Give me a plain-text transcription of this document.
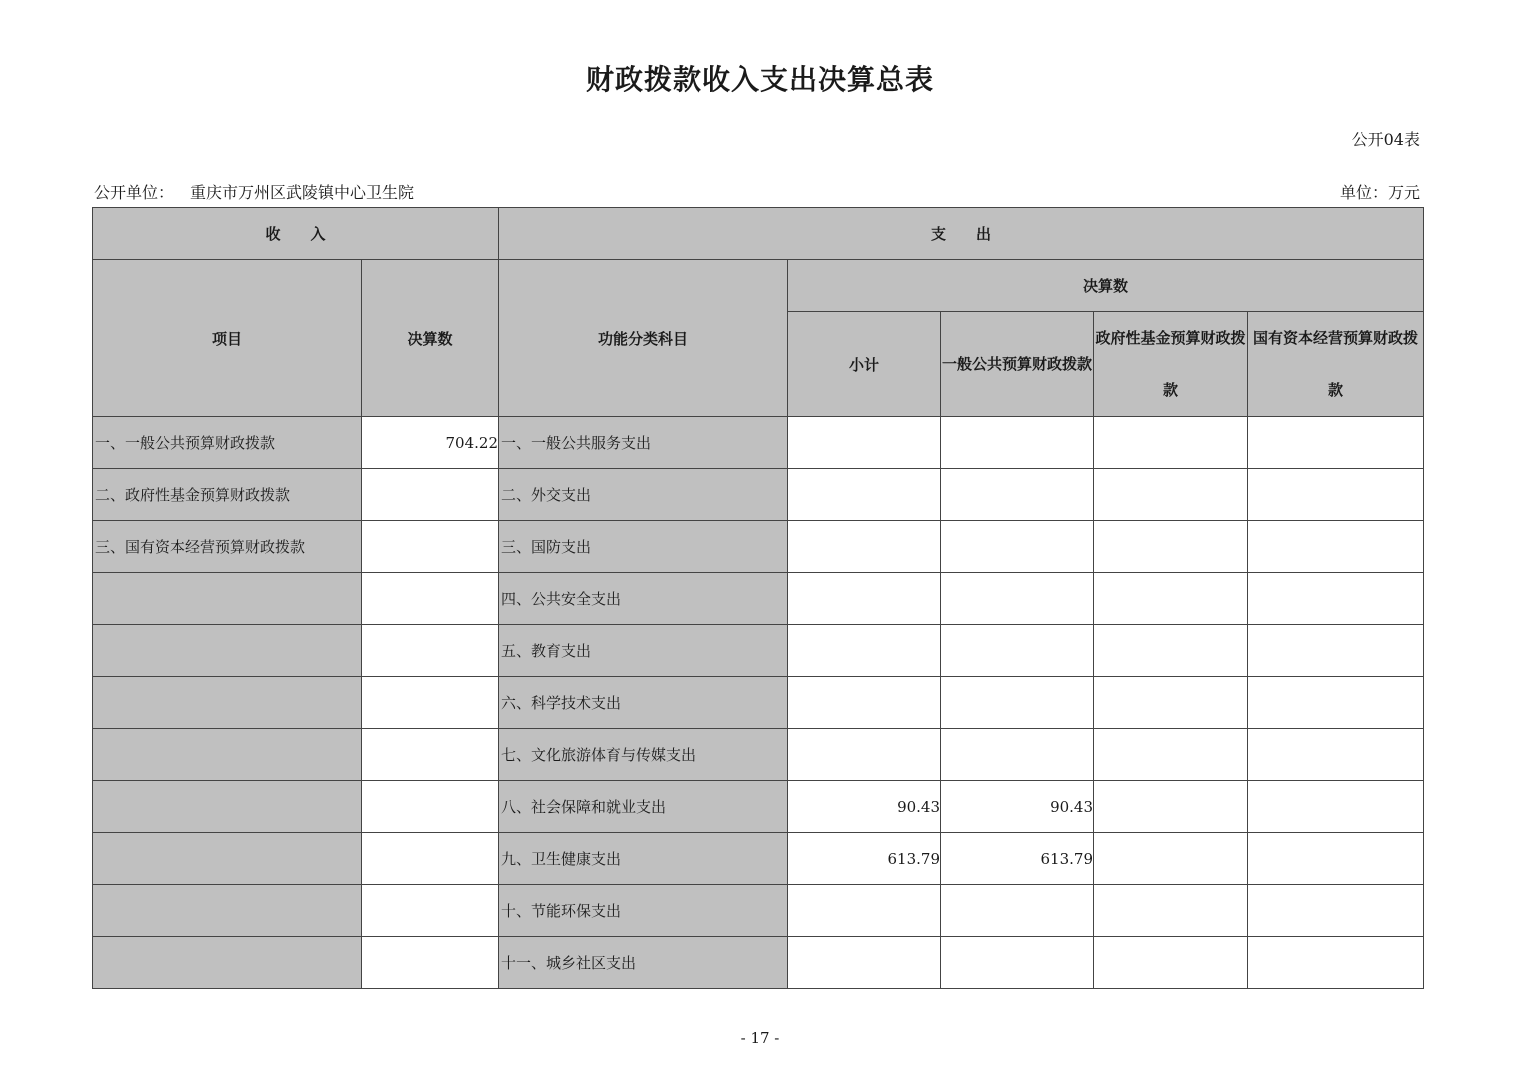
财政拨款收入支出决算总表
公开04表
公开单位： 重庆市万州区武陵镇中心卫生院	单位：万元
收　　入		支　　出				
项目	决算数	功能分类科目	决算数			
			小计	一般公共预算财政拨款	政府性基金预算财政拨款	国有资本经营预算财政拨款

一、一般公共预算财政拨款	704.22	一、一般公共服务支出				
二、政府性基金预算财政拨款		二、外交支出				
三、国有资本经营预算财政拨款		三、国防支出				
		四、公共安全支出				
		五、教育支出				
		六、科学技术支出				
		七、文化旅游体育与传媒支出				
		八、社会保障和就业支出	90.43	90.43		
		九、卫生健康支出	613.79	613.79		
		十、节能环保支出				
		十一、城乡社区支出				
- 17 -
